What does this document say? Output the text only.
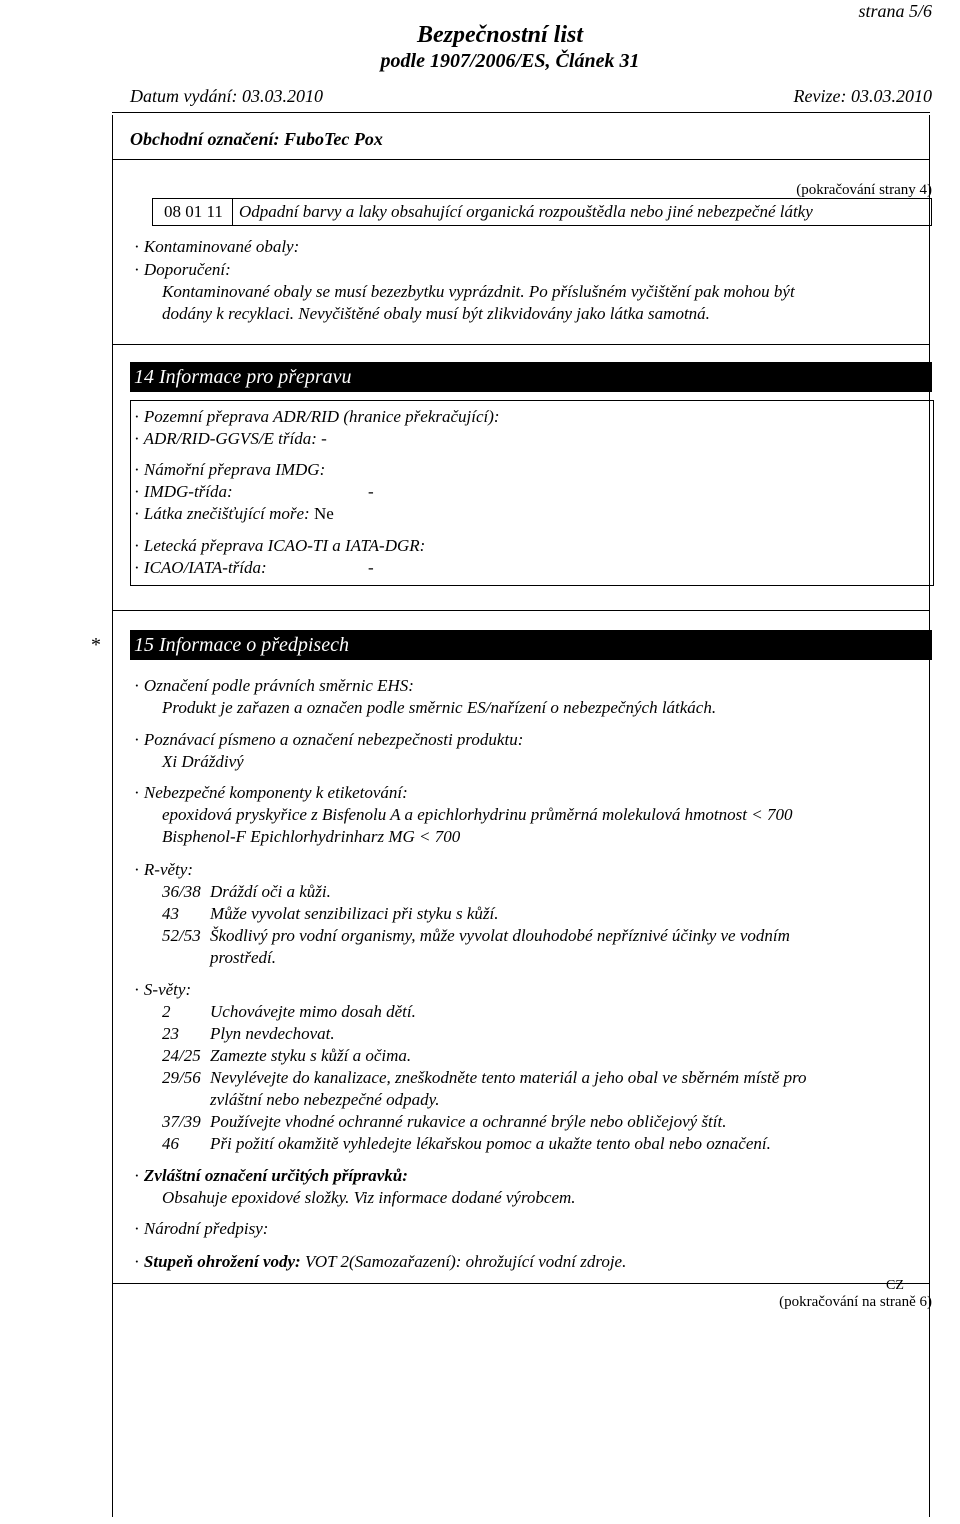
strana 5/6
Bezpečnostní list
podle 1907/2006/ES, Článek 31
Datum vydání: 03.03.2010	Revize: 03.03.2010
Obchodní označení: FuboTec Pox
(pokračování strany 4)
08 01 11 Odpadní barvy a laky obsahující organická rozpouštědla nebo jiné nebezpečné látky
· Kontaminované obaly:
· Doporučení:
Kontaminované obaly se musí bezezbytku vyprázdnit. Po příslušném vyčištění pak mohou být
dodány k recyklaci. Nevyčištěné obaly musí být zlikvidovány jako látka samotná.
14 Informace pro přepravu
· Pozemní přeprava ADR/RID (hranice překračující):
· ADR/RID-GGVS/E třída: -
· Námořní přeprava IMDG:
· IMDG-třída:	-
· Látka znečišťující moře: Ne
· Letecká přeprava ICAO-TI a IATA-DGR:
· ICAO/IATA-třída:	-
* 15 Informace o předpisech
· Označení podle právních směrnic EHS:
Produkt je zařazen a označen podle směrnic ES/nařízení o nebezpečných látkách.
· Poznávací písmeno a označení nebezpečnosti produktu:
Xi Dráždivý
· Nebezpečné komponenty k etiketování:
epoxidová pryskyřice z Bisfenolu A a epichlorhydrinu průměrná molekulová hmotnost < 700
Bisphenol-F Epichlorhydrinharz MG < 700
· R-věty:
36/38 Dráždí oči a kůži.
43 Může vyvolat senzibilizaci při styku s kůží.
52/53 Škodlivý pro vodní organismy, může vyvolat dlouhodobé nepříznivé účinky ve vodním
prostředí.
· S-věty:
2 Uchovávejte mimo dosah dětí.
23 Plyn nevdechovat.
24/25 Zamezte styku s kůží a očima.
29/56 Nevylévejte do kanalizace, zneškodněte tento materiál a jeho obal ve sběrném místě pro
zvláštní nebo nebezpečné odpady.
37/39 Používejte vhodné ochranné rukavice a ochranné brýle nebo obličejový štít.
46 Při požití okamžitě vyhledejte lékařskou pomoc a ukažte tento obal nebo označení.
· Zvláštní označení určitých přípravků:
Obsahuje epoxidové složky. Viz informace dodané výrobcem.
· Národní předpisy:
· Stupeň ohrožení vody: VOT 2(Samozařazení): ohrožující vodní zdroje.
CZ
(pokračování na straně 6)
